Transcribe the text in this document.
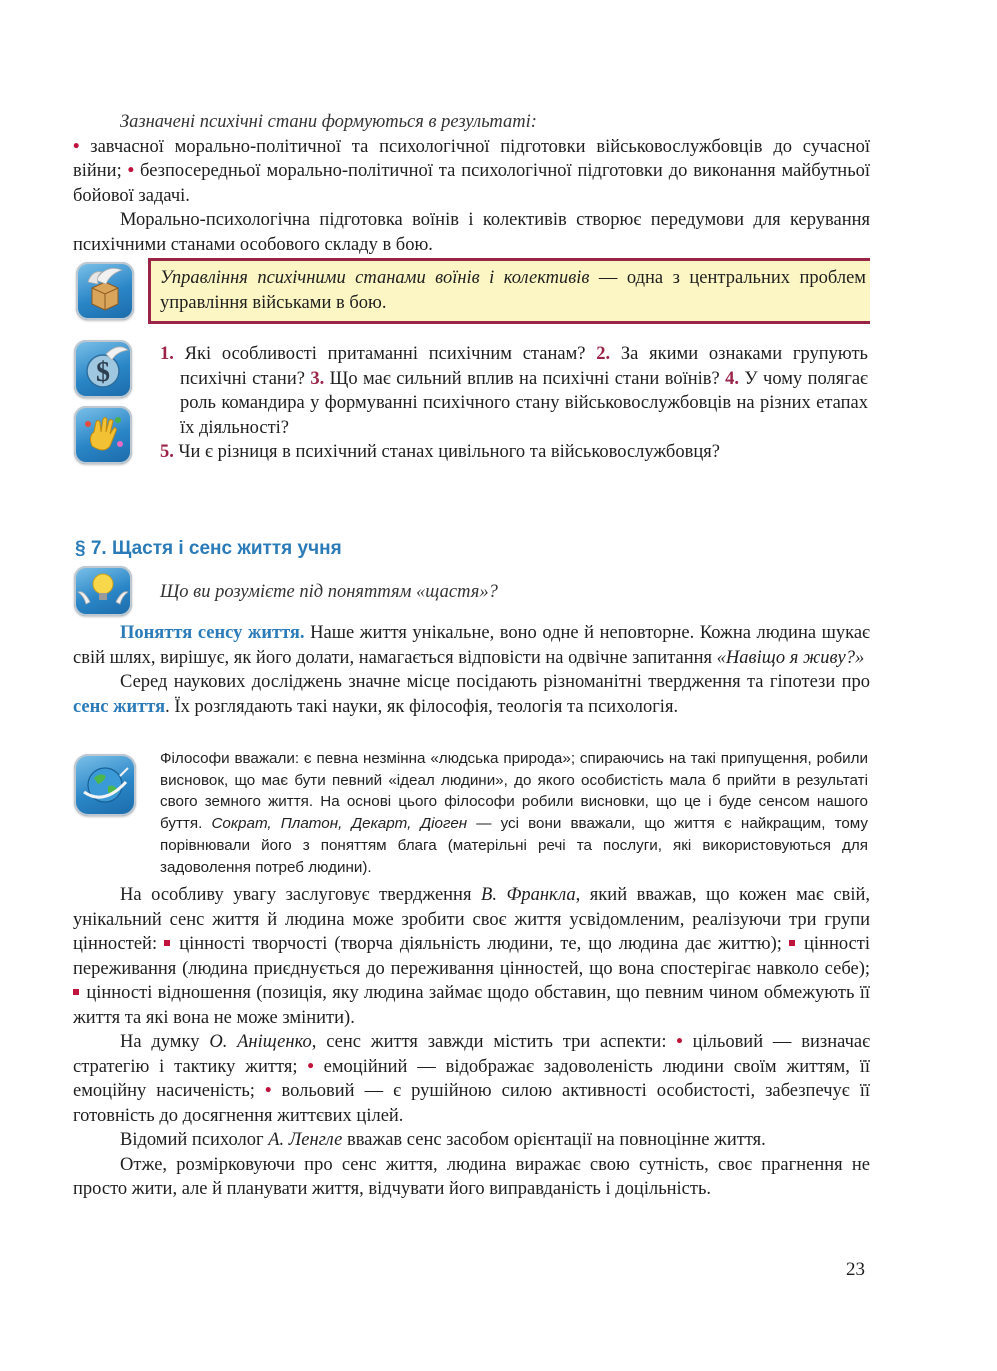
Зазначені психічні стани формуються в результаті:
• завчасної морально-політичної та психологічної підготовки військовослужбовців до сучасної війни; • безпосередньої морально-політичної та психологічної підготовки до виконання майбутньої бойової задачі.
Морально-психологічна підготовка воїнів і колективів створює передумови для керування психічними станами особового складу в бою.
Управління психічними станами воїнів і колективів — одна з центральних проблем управління військами в бою.
$
1. Які особливості притаманні психічним станам? 2. За якими ознаками групують психічні стани? 3. Що має сильний вплив на психічні стани воїнів? 4. У чому полягає роль командира у формуванні психічного стану військовослужбовців на різних етапах їх діяльності?
5. Чи є різниця в психічний станах цивільного та військовослужбовця?
§ 7. Щастя і сенс життя учня
Що ви розумієте під поняттям «щастя»?
Поняття сенсу життя. Наше життя унікальне, воно одне й неповторне. Кожна людина шукає свій шлях, вирішує, як його долати, намагається відповісти на одвічне запитання «Навіщо я живу?»
Серед наукових досліджень значне місце посідають різноманітні твердження та гіпотези про сенс життя. Їх розглядають такі науки, як філософія, теологія та психологія.
Філософи вважали: є певна незмінна «людська природа»; спираючись на такі припущення, робили висновок, що має бути певний «ідеал людини», до якого особистість мала б прийти в результаті свого земного життя. На основі цього філософи робили висновки, що це і буде сенсом нашого буття. Сократ, Платон, Декарт, Діоген — усі вони вважали, що життя є найкращим, тому порівнювали його з поняттям блага (матерільні речі та послуги, які використовуються для задоволення потреб людини).
На особливу увагу заслуговує твердження В. Франкла, який вважав, що кожен має свій, унікальний сенс життя й людина може зробити своє життя усвідомленим, реалізуючи три групи цінностей:  цінності творчості (творча діяльність людини, те, що людина дає життю);  цінності переживання (людина приєднується до переживання цінностей, що вона спостерігає навколо себе);  цінності відношення (позиція, яку людина займає щодо обставин, що певним чином обмежують її життя та які вона не може змінити).
На думку О. Аніщенко, сенс життя завжди містить три аспекти: • цільовий — визначає стратегію і тактику життя; • емоційний — відображає задоволеність людини своїм життям, її емоційну насиченість; • вольовий — є рушійною силою активності особистості, забезпечує її готовність до досягнення життєвих цілей.
Відомий психолог А. Ленгле вважав сенс засобом орієнтації на повноцінне життя.
Отже, розмірковуючи про сенс життя, людина виражає свою сутність, своє прагнення не просто жити, але й планувати життя, відчувати його виправданість і доцільність.
23
